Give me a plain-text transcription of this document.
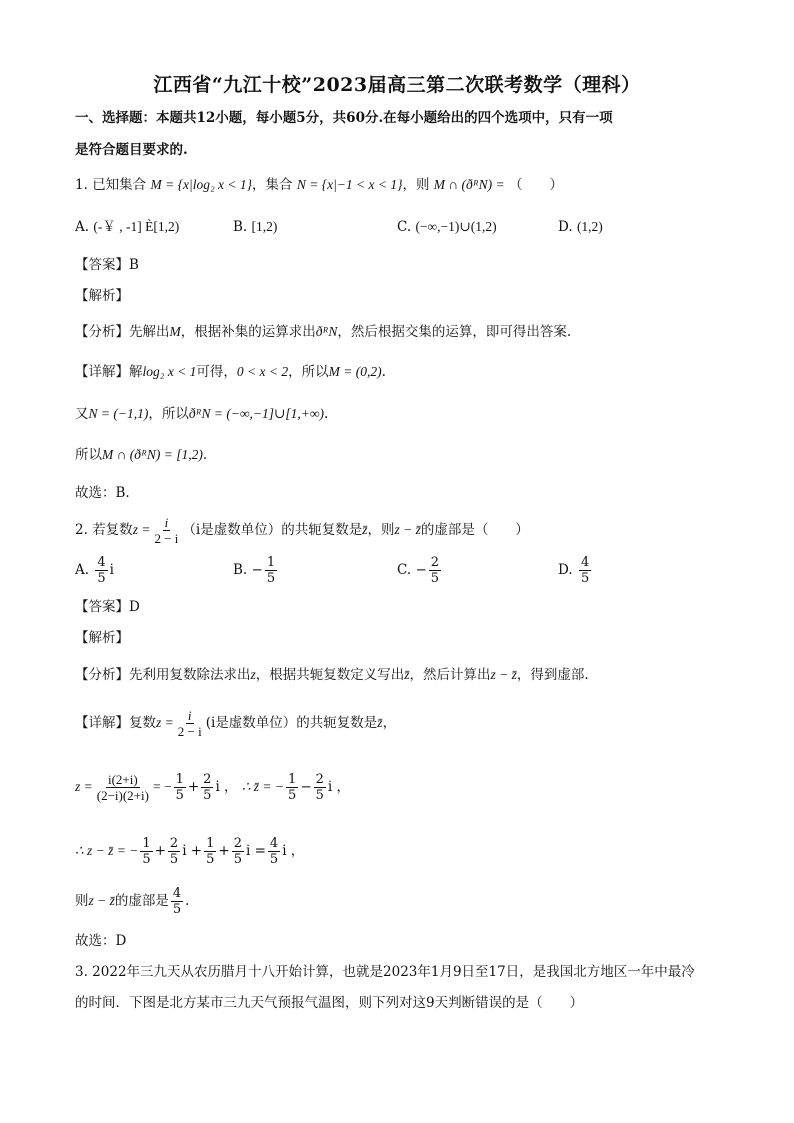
江西省“九江十校”2023届高三第二次联考数学（理科）
一、选择题：本题共12小题，每小题5分，共60分.在每小题给出的四个选项中，只有一项
是符合题目要求的.
1. 已知集合 M = {x|log₂ x < 1}，集合 N = {x|−1 < x < 1}，则 M ∩ (ðᴿN) = （　　）
A. (-￥ , -1] È[1,2)	B. [1,2)	C. (−∞,−1)∪(1,2)	D. (1,2)
【答案】B
【解析】
【分析】先解出M，根据补集的运算求出ðᴿN，然后根据交集的运算，即可得出答案.
【详解】解log₂ x < 1可得，0 < x < 2，所以M = (0,2).
又N = (−1,1)，所以ðᴿN = (−∞,−1]∪[1,+∞).
所以M ∩ (ðᴿN) = [1,2).
故选：B.
2. 若复数$z = \frac{i}{2 - i} (i$是虚数单位）的共轭复数是z̄，则z − z̄的虚部是（　　）
A. $\frac{4}{5}$ i	B. − $\frac{1}{5}$	C. − $\frac{2}{5}$	D. $\frac{4}{5}$
【答案】D
【解析】
【分析】先利用复数除法求出z，根据共轭复数定义写出z̄，然后计算出z − z̄，得到虚部.
【详解】复数$z = \frac{i}{2 - i} (i$是虚数单位）的共轭复数是z̄，
$z = \frac{i(2+i)}{(2-i)(2+i)}$ = − $\frac{1}{5} + \frac{2}{5}$ i ， ∴ z̄ = − $\frac{1}{5} - \frac{2}{5}$ i ，
∴ z − z̄ = − $\frac{1}{5} + \frac{2}{5}$ $i + \frac{1}{5} + \frac{2}{5}$ $i = \frac{4}{5}$ i ，
则z − z̄的虚部是 $\frac{4}{5}$ .
故选：D
3. 2022年三九天从农历腊月十八开始计算，也就是2023年1月9日至17日，是我国北方地区一年中最冷
的时间．下图是北方某市三九天气预报气温图，则下列对这9天判断错误的是（　　）
